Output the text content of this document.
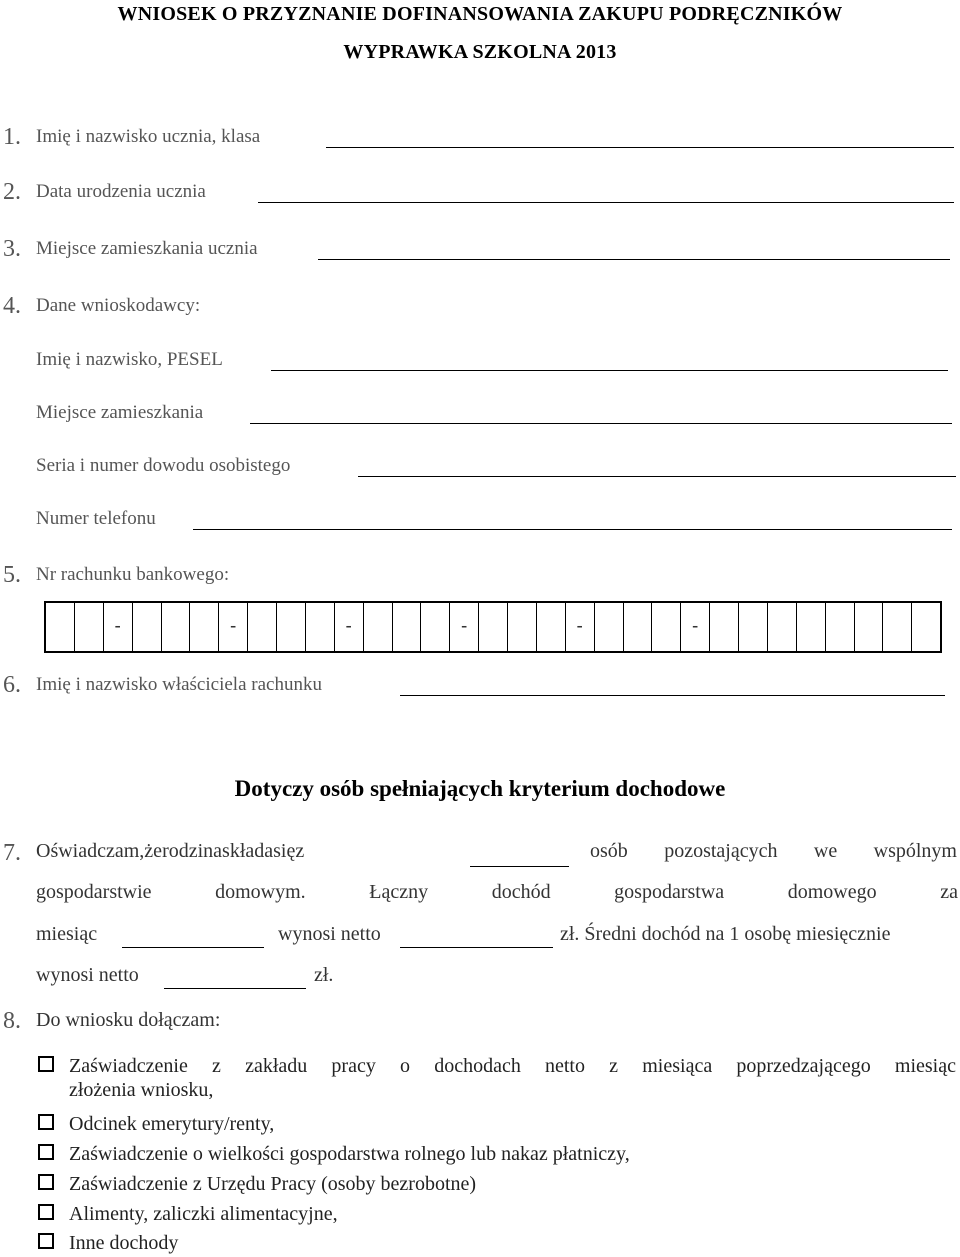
WNIOSEK O PRZYZNANIE DOFINANSOWANIA ZAKUPU PODRĘCZNIKÓW
WYPRAWKA SZKOLNA 2013
1. Imię i nazwisko ucznia, klasa
2. Data urodzenia ucznia
3. Miejsce zamieszkania ucznia
4. Dane wnioskodawcy:
Imię i nazwisko, PESEL
Miejsce zamieszkania
Seria i numer dowodu osobistego
Numer telefonu
5. Nr rachunku bankowego:
-	-	-	-	-	-
6. Imię i nazwisko właściciela rachunku
Dotyczy osób spełniających kryterium dochodowe
7. Oświadczam, że rodzina składa się z	osób pozostających we wspólnym
gospodarstwie	domowym.	Łączny	dochód	gospodarstwa	domowego	za
miesiąc	wynosi netto	zł. Średni dochód na 1 osobę miesięcznie
wynosi netto	zł.
8. Do wniosku dołączam:
Zaświadczenie z zakładu pracy o dochodach netto z miesiąca poprzedzającego miesiąc
złożenia wniosku,
Odcinek emerytury/renty,
Zaświadczenie o wielkości gospodarstwa rolnego lub nakaz płatniczy,
Zaświadczenie z Urzędu Pracy (osoby bezrobotne)
Alimenty, zaliczki alimentacyjne,
Inne dochody
